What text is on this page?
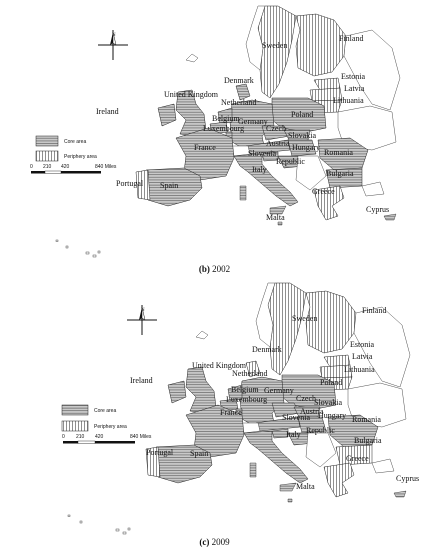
N
Core area
Periphery area
0 210 420	840 Miles
Sweden
Finland
Estonia
Latvia
Lithuania
Denmark
United Kingdom
Ireland
Netherland
Poland
Belgium
Luxembourg
Germany
Czech
Slovakia
Austria Hungary
Slovenia
Republic
Romania
Bulgaria
France
Italy
Spain
Portugal
Greece
Malta
Cyprus
(b) 2002
N
Core area
Periphery area
0 210 420	840 Miles
Sweden
Finland
Estonia
Latvia
Lithuania
Denmark
United Kingdom
Ireland
Netherland
Poland
Belgium
Luxembourg
Germany
Czech
Slovakia
Austria
Hungary
Slovenia
Republic
Romania
Bulgaria
France
Italy
Spain
Portugal
Greece
Malta
Cyprus
(c) 2009
